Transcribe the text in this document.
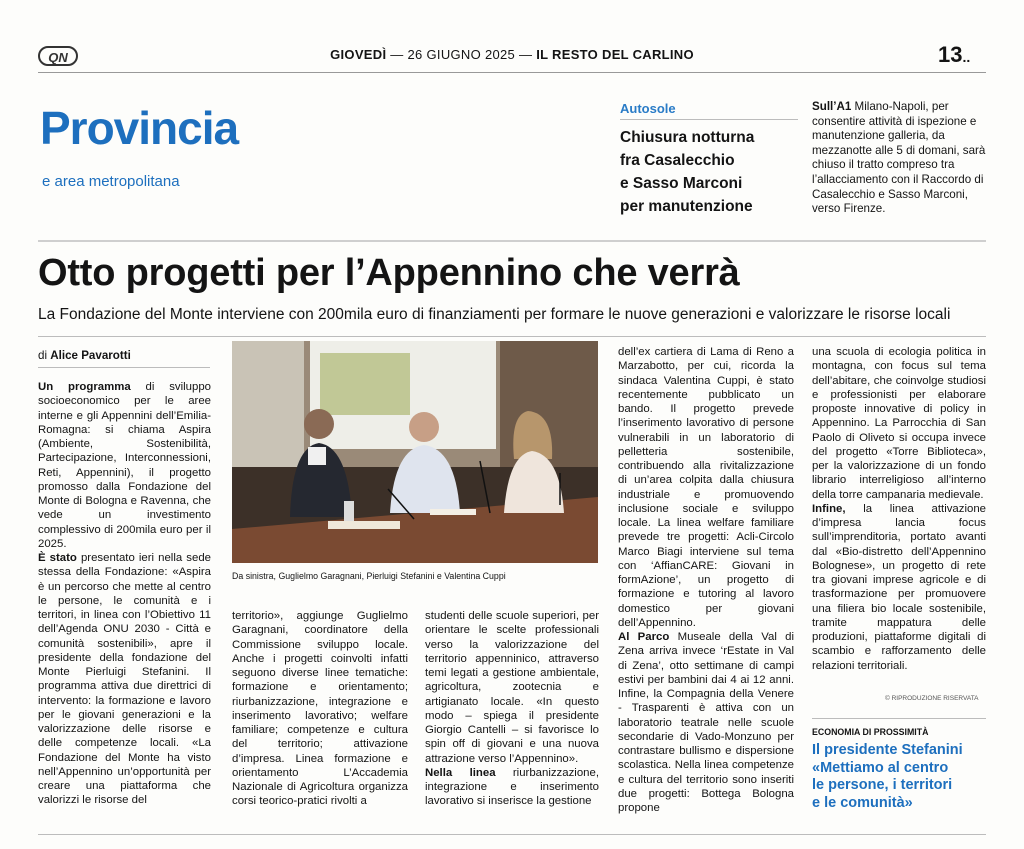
QN	GIOVEDÌ — 26 GIUGNO 2025 — IL RESTO DEL CARLINO	13..
Provincia
e area metropolitana
Autosole
Chiusura notturna
fra Casalecchio
e Sasso Marconi
per manutenzione
Sull’A1 Milano-Napoli, per consentire attività di ispezione e manutenzione galleria, da mezzanotte alle 5 di domani, sarà chiuso il tratto compreso tra l’allacciamento con il Raccordo di Casalecchio e Sasso Marconi, verso Firenze.
Otto progetti per l’Appennino che verrà
La Fondazione del Monte interviene con 200mila euro di finanziamenti per formare le nuove generazioni e valorizzare le risorse locali
di Alice Pavarotti

Un programma di sviluppo socioeconomico per le aree interne e gli Appennini dell’Emilia-Romagna: si chiama Aspira (Ambiente, Sostenibilità, Partecipazione, Interconnessioni, Reti, Appennini), il progetto promosso dalla Fondazione del Monte di Bologna e Ravenna, che vede un investimento complessivo di 200mila euro per il 2025.

È stato presentato ieri nella sede stessa della Fondazione: «Aspira è un percorso che mette al centro le persone, le comunità e i territori, in linea con l’Obiettivo 11 dell’Agenda ONU 2030 - Città e comunità sostenibili», apre il presidente della fondazione del Monte Pierluigi Stefanini. Il programma attiva due direttrici di intervento: la formazione e lavoro per le giovani generazioni e la valorizzazione delle risorse e delle competenze locali. «La Fondazione del Monte ha visto nell’Appennino un’opportunità per creare una piattaforma che valorizzi le risorse del

Da sinistra, Guglielmo Garagnani, Pierluigi Stefanini e Valentina Cuppi
territorio», aggiunge Guglielmo Garagnani, coordinatore della Commissione sviluppo locale. Anche i progetti coinvolti infatti seguono diverse linee tematiche: formazione e orientamento; riurbanizzazione, integrazione e inserimento lavorativo; welfare familiare; competenze e cultura del territorio; attivazione d’impresa. Linea formazione e orientamento L’Accademia Nazionale di Agricoltura organizza corsi teorico-pratici rivolti a

studenti delle scuole superiori, per orientare le scelte professionali verso la valorizzazione del territorio appenninico, attraverso temi legati a gestione ambientale, agricoltura, zootecnia e artigianato locale. «In questo modo – spiega il presidente Giorgio Cantelli – si favorisce lo spin off di giovani e una nuova attrazione verso l’Appennino».

Nella linea riurbanizzazione, integrazione e inserimento lavorativo si inserisce la gestione

dell’ex cartiera di Lama di Reno a Marzabotto, per cui, ricorda la sindaca Valentina Cuppi, è stato recentemente pubblicato un bando. Il progetto prevede l’inserimento lavorativo di persone vulnerabili in un laboratorio di pelletteria sostenibile, contribuendo alla rivitalizzazione di un’area colpita dalla chiusura industriale e promuovendo inclusione sociale e sviluppo locale. La linea welfare familiare prevede tre progetti: Acli-Circolo Marco Biagi interviene sul tema con ‘AffianCARE: Giovani in formAzione’, un progetto di formazione e tutoring al lavoro domestico per giovani dell’Appennino.

Al Parco Museale della Val di Zena arriva invece ‘rEstate in Val di Zena’, otto settimane di campi estivi per bambini dai 4 ai 12 anni. Infine, la Compagnia della Venere - Trasparenti è attiva con un laboratorio teatrale nelle scuole secondarie di Vado-Monzuno per contrastare bullismo e dispersione scolastica. Nella linea competenze e cultura del territorio sono inseriti due progetti: Bottega Bologna propone

una scuola di ecologia politica in montagna, con focus sul tema dell’abitare, che coinvolge studiosi e professionisti per elaborare proposte innovative di policy in Appennino. La Parrocchia di San Paolo di Oliveto si occupa invece del progetto «Torre Biblioteca», per la valorizzazione di un fondo librario interreligioso all’interno della torre campanaria medievale.

Infine, la linea attivazione d’impresa lancia focus sull’imprenditoria, portato avanti dal «Bio-distretto dell’Appennino Bolognese», un progetto di rete tra giovani imprese agricole e di trasformazione per promuovere una filiera bio locale sostenibile, tramite mappatura delle produzioni, piattaforme digitali di scambio e rafforzamento delle relazioni territoriali.

© RIPRODUZIONE RISERVATA
ECONOMIA DI PROSSIMITÀ
Il presidente Stefanini
«Mettiamo al centro
le persone, i territori
e le comunità»
